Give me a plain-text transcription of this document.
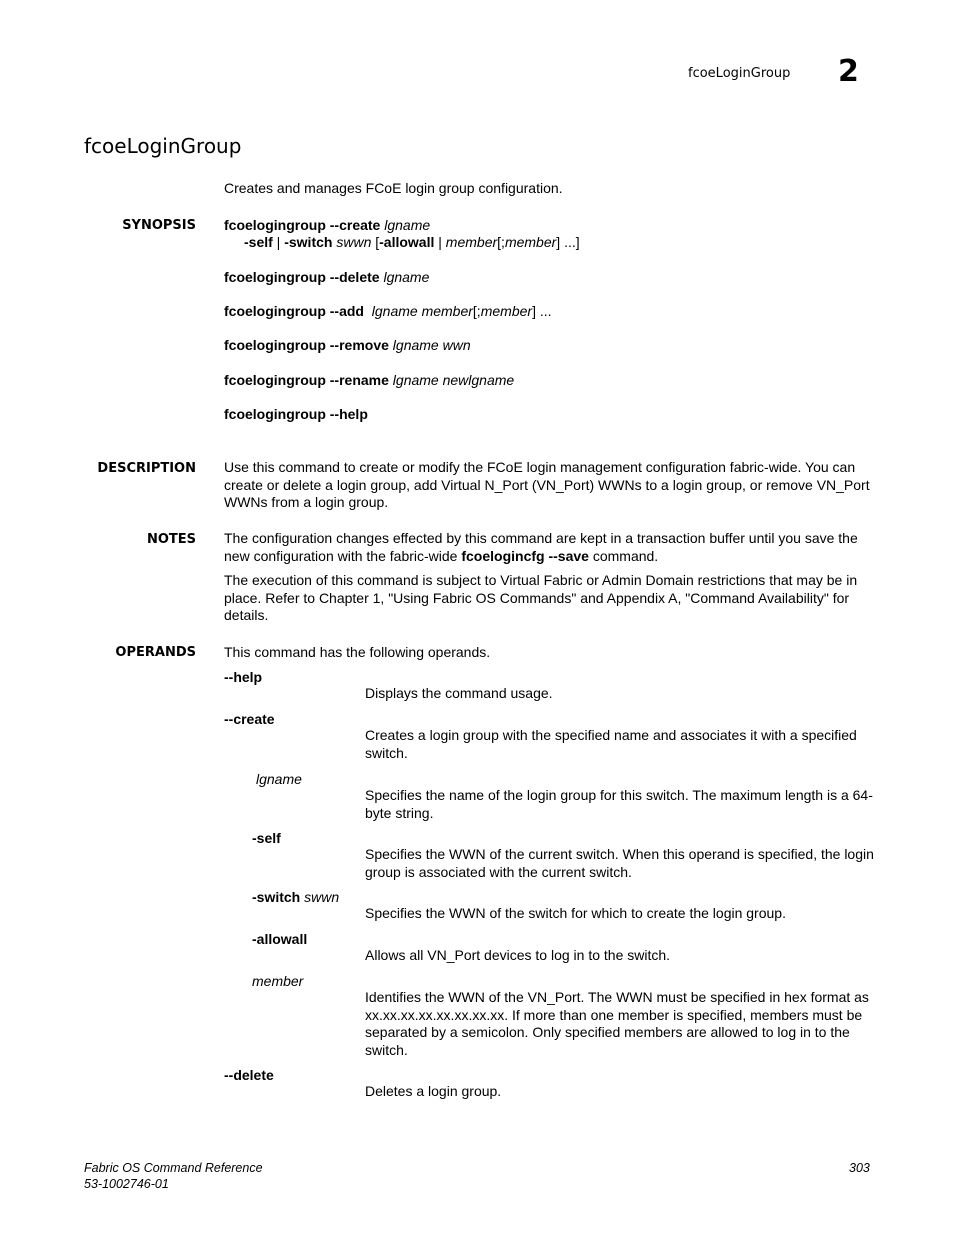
fcoeLoginGroup 2
fcoeLoginGroup
Creates and manages FCoE login group configuration.
SYNOPSIS fcoelogingroup --create lgname
-self | -switch swwn [-allowall | member[;member] ...]
fcoelogingroup --delete lgname
fcoelogingroup --add lgname member[;member] ...
fcoelogingroup --remove lgname wwn
fcoelogingroup --rename lgname newlgname
fcoelogingroup --help
DESCRIPTION Use this command to create or modify the FCoE login management configuration fabric-wide. You can create or delete a login group, add Virtual N_Port (VN_Port) WWNs to a login group, or remove VN_Port WWNs from a login group.
NOTES The configuration changes effected by this command are kept in a transaction buffer until you save the new configuration with the fabric-wide fcoelogincfg --save command.
The execution of this command is subject to Virtual Fabric or Admin Domain restrictions that may be in place. Refer to Chapter 1, "Using Fabric OS Commands" and Appendix A, "Command Availability" for details.
OPERANDS This command has the following operands.
--help
Displays the command usage.
--create
Creates a login group with the specified name and associates it with a specified switch.
lgname
Specifies the name of the login group for this switch. The maximum length is a 64-byte string.
-self
Specifies the WWN of the current switch. When this operand is specified, the login group is associated with the current switch.
-switch swwn
Specifies the WWN of the switch for which to create the login group.
-allowall
Allows all VN_Port devices to log in to the switch.
member
Identifies the WWN of the VN_Port. The WWN must be specified in hex format as xx.xx.xx.xx.xx.xx.xx.xx. If more than one member is specified, members must be separated by a semicolon. Only specified members are allowed to log in to the switch.
--delete
Deletes a login group.
Fabric OS Command Reference
53-1002746-01
303
